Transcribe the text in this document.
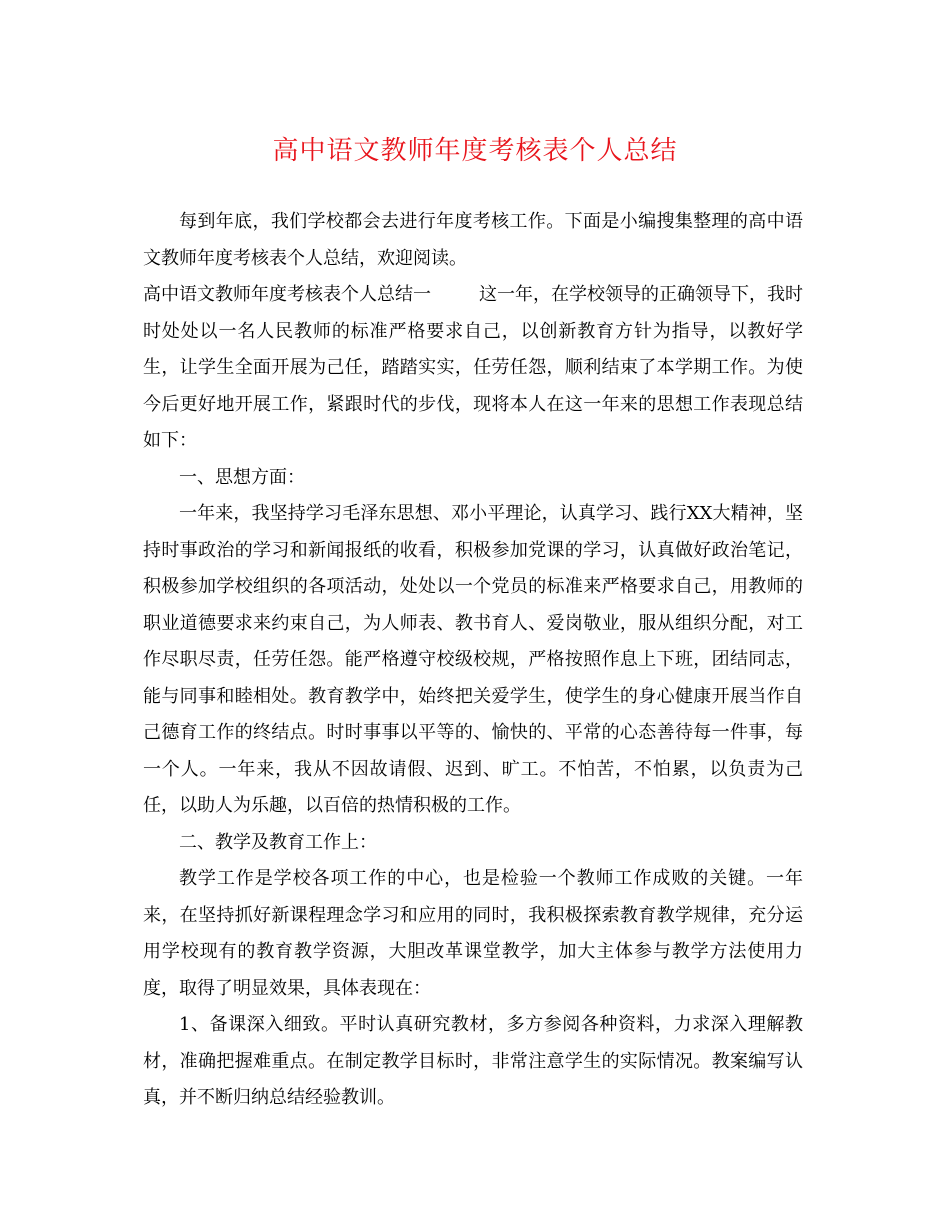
高中语文教师年度考核表个人总结

每到年底，我们学校都会去进行年度考核工作。下面是小编搜集整理的高中语文教师年度考核表个人总结，欢迎阅读。

高中语文教师年度考核表个人总结一	这一年，在学校领导的正确领导下，我时时处处以一名人民教师的标准严格要求自己，以创新教育方针为指导，以教好学生，让学生全面开展为己任，踏踏实实，任劳任怨，顺利结束了本学期工作。为使今后更好地开展工作，紧跟时代的步伐，现将本人在这一年来的思想工作表现总结如下：

一、思想方面：

一年来，我坚持学习毛泽东思想、邓小平理论，认真学习、践行XX大精神，坚持时事政治的学习和新闻报纸的收看，积极参加党课的学习，认真做好政治笔记，积极参加学校组织的各项活动，处处以一个党员的标准来严格要求自己，用教师的职业道德要求来约束自己，为人师表、教书育人、爱岗敬业，服从组织分配，对工作尽职尽责，任劳任怨。能严格遵守校级校规，严格按照作息上下班，团结同志，能与同事和睦相处。教育教学中，始终把关爱学生，使学生的身心健康开展当作自己德育工作的终结点。时时事事以平等的、愉快的、平常的心态善待每一件事，每一个人。一年来，我从不因故请假、迟到、旷工。不怕苦，不怕累，以负责为己任，以助人为乐趣，以百倍的热情积极的工作。

二、教学及教育工作上：

教学工作是学校各项工作的中心，也是检验一个教师工作成败的关键。一年来，在坚持抓好新课程理念学习和应用的同时，我积极探索教育教学规律，充分运用学校现有的教育教学资源，大胆改革课堂教学，加大主体参与教学方法使用力度，取得了明显效果，具体表现在：

1、备课深入细致。平时认真研究教材，多方参阅各种资料，力求深入理解教材，准确把握难重点。在制定教学目标时，非常注意学生的实际情况。教案编写认真，并不断归纳总结经验教训。
